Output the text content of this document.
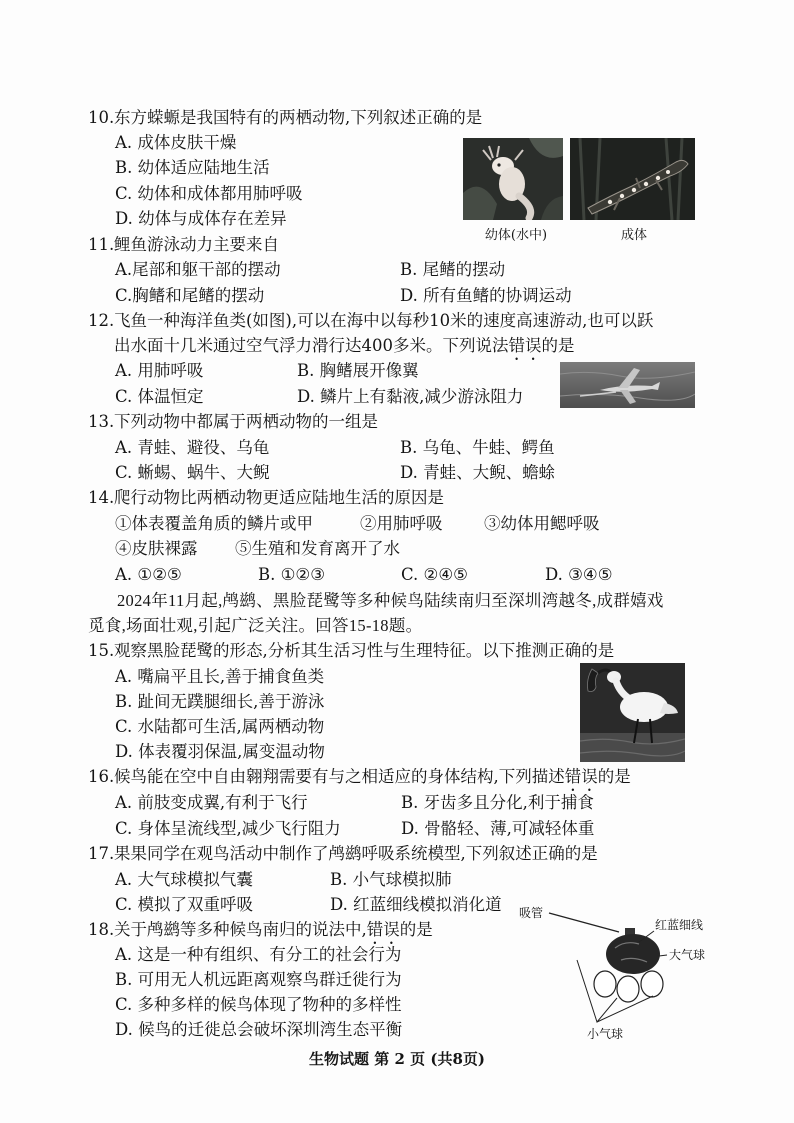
10.东方蝾螈是我国特有的两栖动物,下列叙述正确的是
A. 成体皮肤干燥
B. 幼体适应陆地生活
C. 幼体和成体都用肺呼吸
D. 幼体与成体存在差异
幼体(水中)	成体
11.鲤鱼游泳动力主要来自
A.尾部和躯干部的摆动	B. 尾鳍的摆动
C.胸鳍和尾鳍的摆动	D. 所有鱼鳍的协调运动
12.飞鱼一种海洋鱼类(如图),可以在海中以每秒10米的速度高速游动,也可以跃
出水面十几米通过空气浮力滑行达400多米。下列说法错误的是
A. 用肺呼吸	B. 胸鳍展开像翼
C. 体温恒定	D. 鳞片上有黏液,减少游泳阻力
13.下列动物中都属于两栖动物的一组是
A. 青蛙、避役、乌龟	B. 乌龟、牛蛙、鳄鱼
C. 蜥蜴、蜗牛、大鲵	D. 青蛙、大鲵、蟾蜍
14.爬行动物比两栖动物更适应陆地生活的原因是
①体表覆盖角质的鳞片或甲	②用肺呼吸	③幼体用鳃呼吸
④皮肤裸露 ⑤生殖和发育离开了水
A. ①②⑤	B. ①②③	C. ②④⑤	D. ③④⑤
2024年11月起,鸬鹚、黑脸琵鹭等多种候鸟陆续南归至深圳湾越冬,成群嬉戏
觅食,场面壮观,引起广泛关注。回答15-18题。
15.观察黑脸琵鹭的形态,分析其生活习性与生理特征。以下推测正确的是
A. 嘴扁平且长,善于捕食鱼类
B. 趾间无蹼腿细长,善于游泳
C. 水陆都可生活,属两栖动物
D. 体表覆羽保温,属变温动物
16.候鸟能在空中自由翱翔需要有与之相适应的身体结构,下列描述错误的是
A. 前肢变成翼,有利于飞行	B. 牙齿多且分化,利于捕食
C. 身体呈流线型,减少飞行阻力	D. 骨骼轻、薄,可减轻体重
17.果果同学在观鸟活动中制作了鸬鹚呼吸系统模型,下列叙述正确的是
A. 大气球模拟气囊	B. 小气球模拟肺
C. 模拟了双重呼吸	D. 红蓝细线模拟消化道
18.关于鸬鹚等多种候鸟南归的说法中,错误的是
A. 这是一种有组织、有分工的社会行为
B. 可用无人机远距离观察鸟群迁徙行为
C. 多种多样的候鸟体现了物种的多样性
D. 候鸟的迁徙总会破坏深圳湾生态平衡
吸管
红蓝细线
大气球
小气球
生物试题 第 2 页 (共8页)
